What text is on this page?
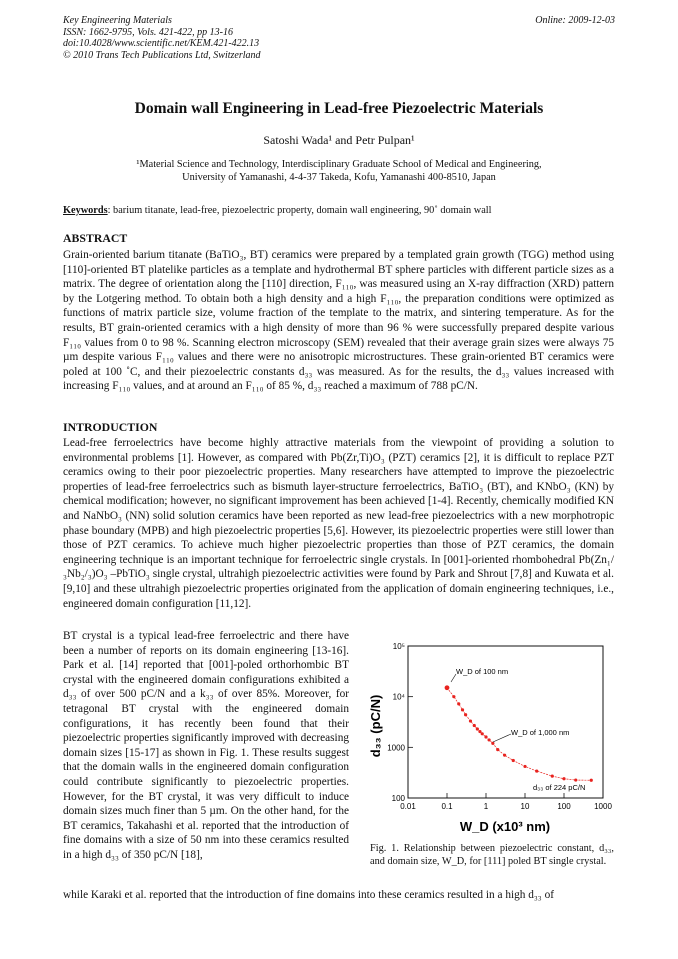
Key Engineering Materials
ISSN: 1662-9795, Vols. 421-422, pp 13-16
doi:10.4028/www.scientific.net/KEM.421-422.13
© 2010 Trans Tech Publications Ltd, Switzerland
Online: 2009-12-03
Domain wall Engineering in Lead-free Piezoelectric Materials
Satoshi Wada¹ and Petr Pulpan¹
¹Material Science and Technology, Interdisciplinary Graduate School of Medical and Engineering,
University of Yamanashi, 4-4-37 Takeda, Kofu, Yamanashi 400-8510, Japan
Keywords: barium titanate, lead-free, piezoelectric property, domain wall engineering, 90˚ domain wall
ABSTRACT
Grain-oriented barium titanate (BaTiO₃, BT) ceramics were prepared by a templated grain growth (TGG) method using [110]-oriented BT platelike particles as a template and hydrothermal BT sphere particles with different particle sizes as a matrix. The degree of orientation along the [110] direction, F₁₁₀, was measured using an X-ray diffraction (XRD) pattern by the Lotgering method. To obtain both a high density and a high F₁₁₀, the preparation conditions were optimized as functions of matrix particle size, volume fraction of the template to the matrix, and sintering temperature. As for the results, BT grain-oriented ceramics with a high density of more than 96 % were successfully prepared despite various F₁₁₀ values from 0 to 98 %. Scanning electron microscopy (SEM) revealed that their average grain sizes were always 75 µm despite various F₁₁₀ values and there were no anisotropic microstructures. These grain-oriented BT ceramics were poled at 100 ˚C, and their piezoelectric constants d₃₃ was measured. As for the results, the d₃₃ values increased with increasing F₁₁₀ values, and at around an F₁₁₀ of 85 %, d₃₃ reached a maximum of 788 pC/N.
INTRODUCTION
Lead-free ferroelectrics have become highly attractive materials from the viewpoint of providing a solution to environmental problems [1]. However, as compared with Pb(Zr,Ti)O₃ (PZT) ceramics [2], it is difficult to replace PZT ceramics owing to their poor piezoelectric properties. Many researchers have attempted to improve the piezoelectric properties of lead-free ferroelectrics such as bismuth layer-structure ferroelectrics, BaTiO₃ (BT), and KNbO₃ (KN) by chemical modification; however, no significant improvement has been achieved [1-4]. Recently, chemically modified KN and NaNbO₃ (NN) solid solution ceramics have been reported as new lead-free piezoelectrics with a new morphotropic phase boundary (MPB) and high piezoelectric properties [5,6]. However, its piezoelectric properties were still lower than those of PZT ceramics. To achieve much higher piezoelectric properties than those of PZT ceramics, the domain engineering technique is an important technique for ferroelectric single crystals. In [001]-oriented rhombohedral Pb(Zn₁/₃Nb₂/₃)O₃ –PbTiO₃ single crystal, ultrahigh piezoelectric activities were found by Park and Shrout [7,8] and Kuwata et al. [9,10] and these ultrahigh piezoelectric properties originated from the application of domain engineering techniques, i.e., engineered domain configuration [11,12].
BT crystal is a typical lead-free ferroelectric and there have been a number of reports on its domain engineering [13-16]. Park et al. [14] reported that [001]-poled orthorhombic BT crystal with the engineered domain configurations exhibited a d₃₃ of over 500 pC/N and a k₃₃ of over 85%. Moreover, for tetragonal BT crystal with the engineered domain configurations, it has recently been found that their piezoelectric properties significantly improved with decreasing domain sizes [15-17] as shown in Fig. 1. These results suggest that the domain walls in the engineered domain configuration could contribute significantly to piezoelectric properties. However, for the BT crystal, it was very difficult to induce domain sizes much finer than 5 µm. On the other hand, for the BT ceramics, Takahashi et al. reported that the introduction of fine domains with a size of 50 nm into these ceramics resulted in a high d₃₃ of 350 pC/N [18],
while Karaki et al. reported that the introduction of fine domains into these ceramics resulted in a high d₃₃ of
100
1000
10⁴
10⁵
0.01	0.1	1	10	100	1000
d₃₃ (pC/N)
W_D (x10³ nm)
W_D of 100 nm
W_D of 1,000 nm
d₃₃ of 224 pC/N
Fig. 1. Relationship between piezoelectric constant, d₃₃, and domain size, W_D, for [111] poled BT single crystal.
